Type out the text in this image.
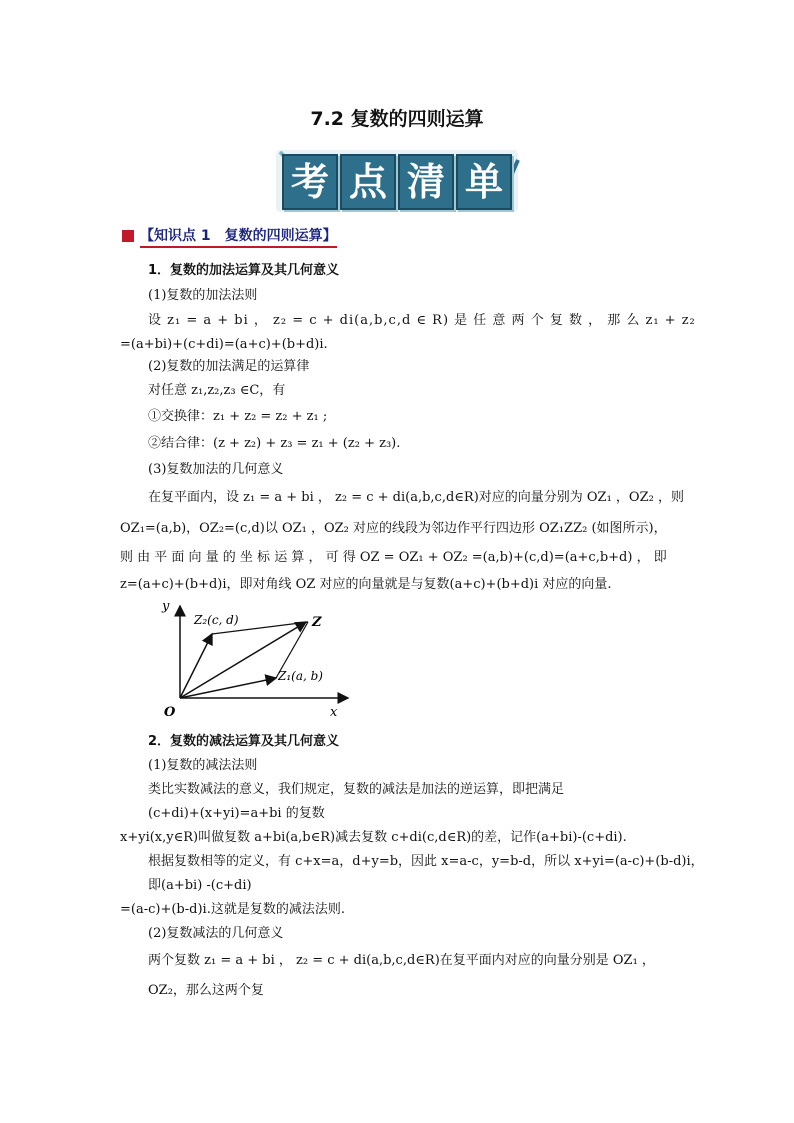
7.2 复数的四则运算
考 点 清 单
【知识点 1　复数的四则运算】
1．复数的加法运算及其几何意义
(1)复数的加法法则
设 z₁ = a + bi ， z₂ = c + di(a,b,c,d ∈ R) 是 任 意 两 个 复 数 ， 那 么 z₁ + z₂
=(a+bi)+(c+di)=(a+c)+(b+d)i.
(2)复数的加法满足的运算律
对任意 z₁,z₂,z₃ ∈C，有
①交换律：z₁ + z₂ = z₂ + z₁ ;
②结合律：(z + z₂) + z₃ = z₁ + (z₂ + z₃).
(3)复数加法的几何意义
在复平面内，设 z₁ = a + bi ， z₂ = c + di(a,b,c,d∈R)对应的向量分别为 OZ₁ ，OZ₂ ，则
OZ₁=(a,b)，OZ₂=(c,d)以 OZ₁ ，OZ₂ 对应的线段为邻边作平行四边形 OZ₁ZZ₂ (如图所示)，
则 由 平 面 向 量 的 坐 标 运 算 ， 可 得 OZ = OZ₁ + OZ₂ =(a,b)+(c,d)=(a+c,b+d) ， 即
z=(a+c)+(b+d)i，即对角线 OZ 对应的向量就是与复数(a+c)+(b+d)i 对应的向量.
y
x
O
Z
Z₁(a, b)
Z₂(c, d)
2．复数的减法运算及其几何意义
(1)复数的减法法则
类比实数减法的意义，我们规定，复数的减法是加法的逆运算，即把满足
(c+di)+(x+yi)=a+bi 的复数
x+yi(x,y∈R)叫做复数 a+bi(a,b∈R)减去复数 c+di(c,d∈R)的差，记作(a+bi)-(c+di).
根据复数相等的定义，有 c+x=a，d+y=b，因此 x=a-c，y=b-d，所以 x+yi=(a-c)+(b-d)i，
即(a+bi) -(c+di)
=(a-c)+(b-d)i.这就是复数的减法法则.
(2)复数减法的几何意义
两个复数 z₁ = a + bi ， z₂ = c + di(a,b,c,d∈R)在复平面内对应的向量分别是 OZ₁ ，
OZ₂，那么这两个复
